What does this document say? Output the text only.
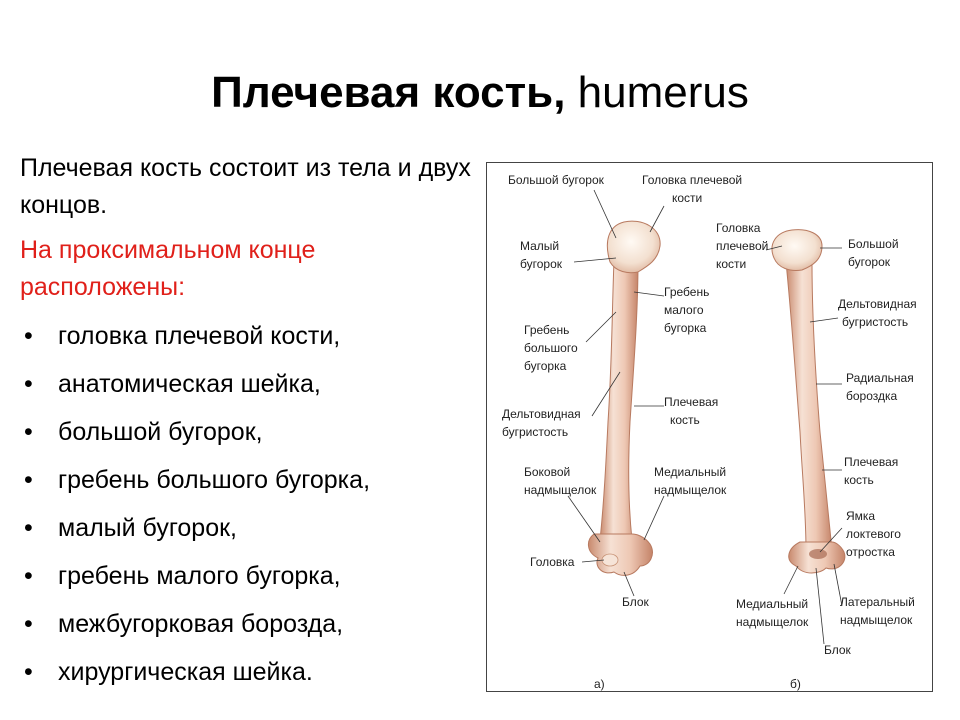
Плечевая кость, humerus

Плечевая кость состоит из тела и двух концов.

На проксимальном конце расположены:

• головка плечевой кости,
• анатомическая шейка,
• большой бугорок,
• гребень большого бугорка,
• малый бугорок,
• гребень малого бугорка,
• межбугорковая борозда,
• хирургическая шейка.
Большой бугорок	Головка плечевой кости
Малый бугорок
Гребень малого бугорка
Гребень большого бугорка
Плечевая кость
Дельтовидная бугристость
Боковой надмыщелок
Медиальный надмыщелок
Головка
Блок
а)
Головка плечевой кости
Большой бугорок
Дельтовидная бугристость
Радиальная бороздка
Плечевая кость
Ямка локтевого отростка
Латеральный надмыщелок
Медиальный надмыщелок
Блок
б)
